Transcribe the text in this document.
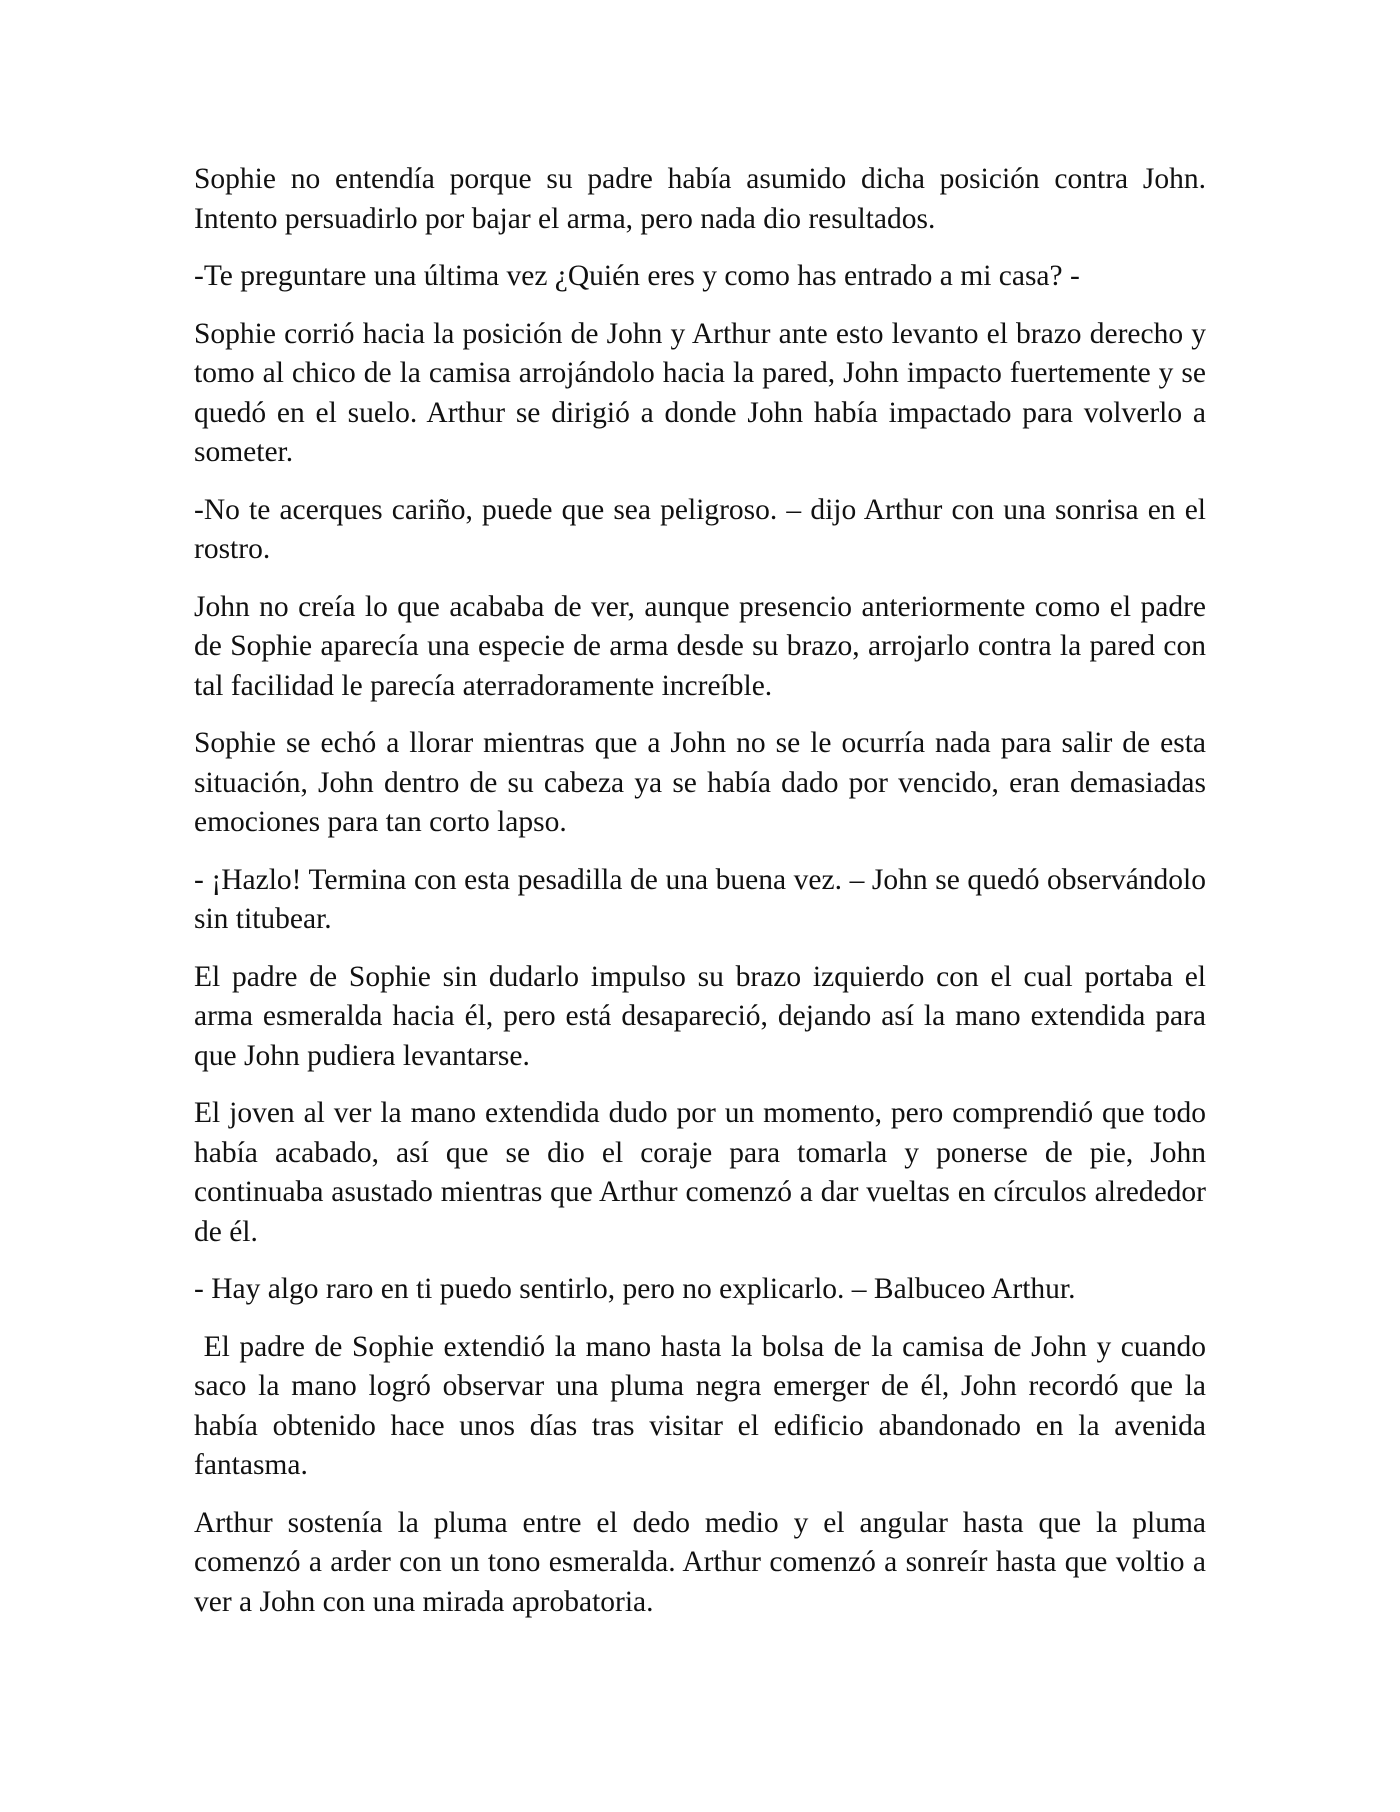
Sophie no entendía porque su padre había asumido dicha posición contra John. Intento persuadirlo por bajar el arma, pero nada dio resultados.

-Te preguntare una última vez ¿Quién eres y como has entrado a mi casa? -

Sophie corrió hacia la posición de John y Arthur ante esto levanto el brazo derecho y tomo al chico de la camisa arrojándolo hacia la pared, John impacto fuertemente y se quedó en el suelo. Arthur se dirigió a donde John había impactado para volverlo a someter.

-No te acerques cariño, puede que sea peligroso. – dijo Arthur con una sonrisa en el rostro.

John no creía lo que acababa de ver, aunque presencio anteriormente como el padre de Sophie aparecía una especie de arma desde su brazo, arrojarlo contra la pared con tal facilidad le parecía aterradoramente increíble.

Sophie se echó a llorar mientras que a John no se le ocurría nada para salir de esta situación, John dentro de su cabeza ya se había dado por vencido, eran demasiadas emociones para tan corto lapso.

- ¡Hazlo! Termina con esta pesadilla de una buena vez. – John se quedó observándolo sin titubear.

El padre de Sophie sin dudarlo impulso su brazo izquierdo con el cual portaba el arma esmeralda hacia él, pero está desapareció, dejando así la mano extendida para que John pudiera levantarse.

El joven al ver la mano extendida dudo por un momento, pero comprendió que todo había acabado, así que se dio el coraje para tomarla y ponerse de pie, John continuaba asustado mientras que Arthur comenzó a dar vueltas en círculos alrededor de él.

- Hay algo raro en ti puedo sentirlo, pero no explicarlo. – Balbuceo Arthur.

El padre de Sophie extendió la mano hasta la bolsa de la camisa de John y cuando saco la mano logró observar una pluma negra emerger de él, John recordó que la había obtenido hace unos días tras visitar el edificio abandonado en la avenida fantasma.

Arthur sostenía la pluma entre el dedo medio y el angular hasta que la pluma comenzó a arder con un tono esmeralda. Arthur comenzó a sonreír hasta que voltio a ver a John con una mirada aprobatoria.
